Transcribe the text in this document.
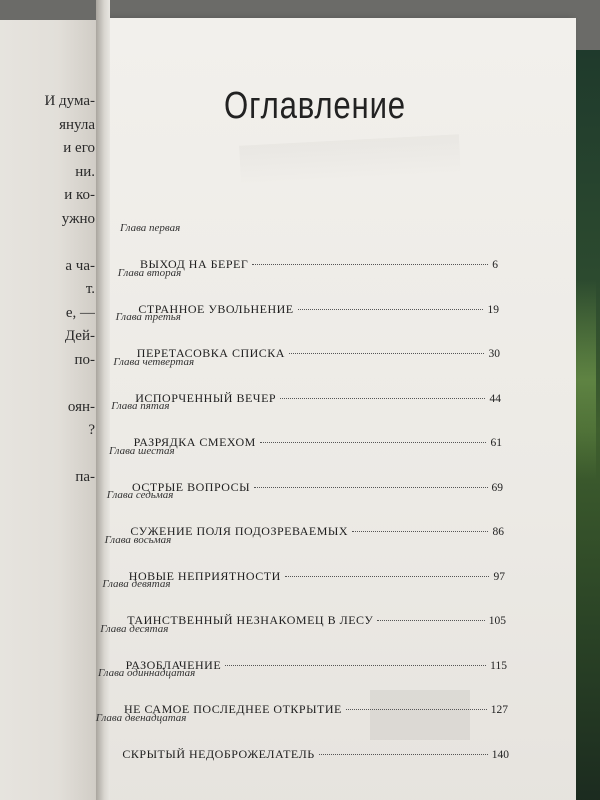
И дума-
янула
и его
ни.
и ко-
ужно
а ча-
т.
е, —
Дей-
по-
оян-
?
па-
Оглавление
Глава первая
ВЫХОД НА БЕРЕГ	6
Глава вторая
СТРАННОЕ УВОЛЬНЕНИЕ	19
Глава третья
ПЕРЕТАСОВКА СПИСКА	30
Глава четвертая
ИСПОРЧЕННЫЙ ВЕЧЕР	44
Глава пятая
РАЗРЯДКА СМЕХОМ	61
Глава шестая
ОСТРЫЕ ВОПРОСЫ	69
Глава седьмая
СУЖЕНИЕ ПОЛЯ ПОДОЗРЕВАЕМЫХ	86
Глава восьмая
НОВЫЕ НЕПРИЯТНОСТИ	97
Глава девятая
ТАИНСТВЕННЫЙ НЕЗНАКОМЕЦ В ЛЕСУ	105
Глава десятая
РАЗОБЛАЧЕНИЕ	115
Глава одиннадцатая
НЕ САМОЕ ПОСЛЕДНЕЕ ОТКРЫТИЕ	127
Глава двенадцатая
СКРЫТЫЙ НЕДОБРОЖЕЛАТЕЛЬ	140
